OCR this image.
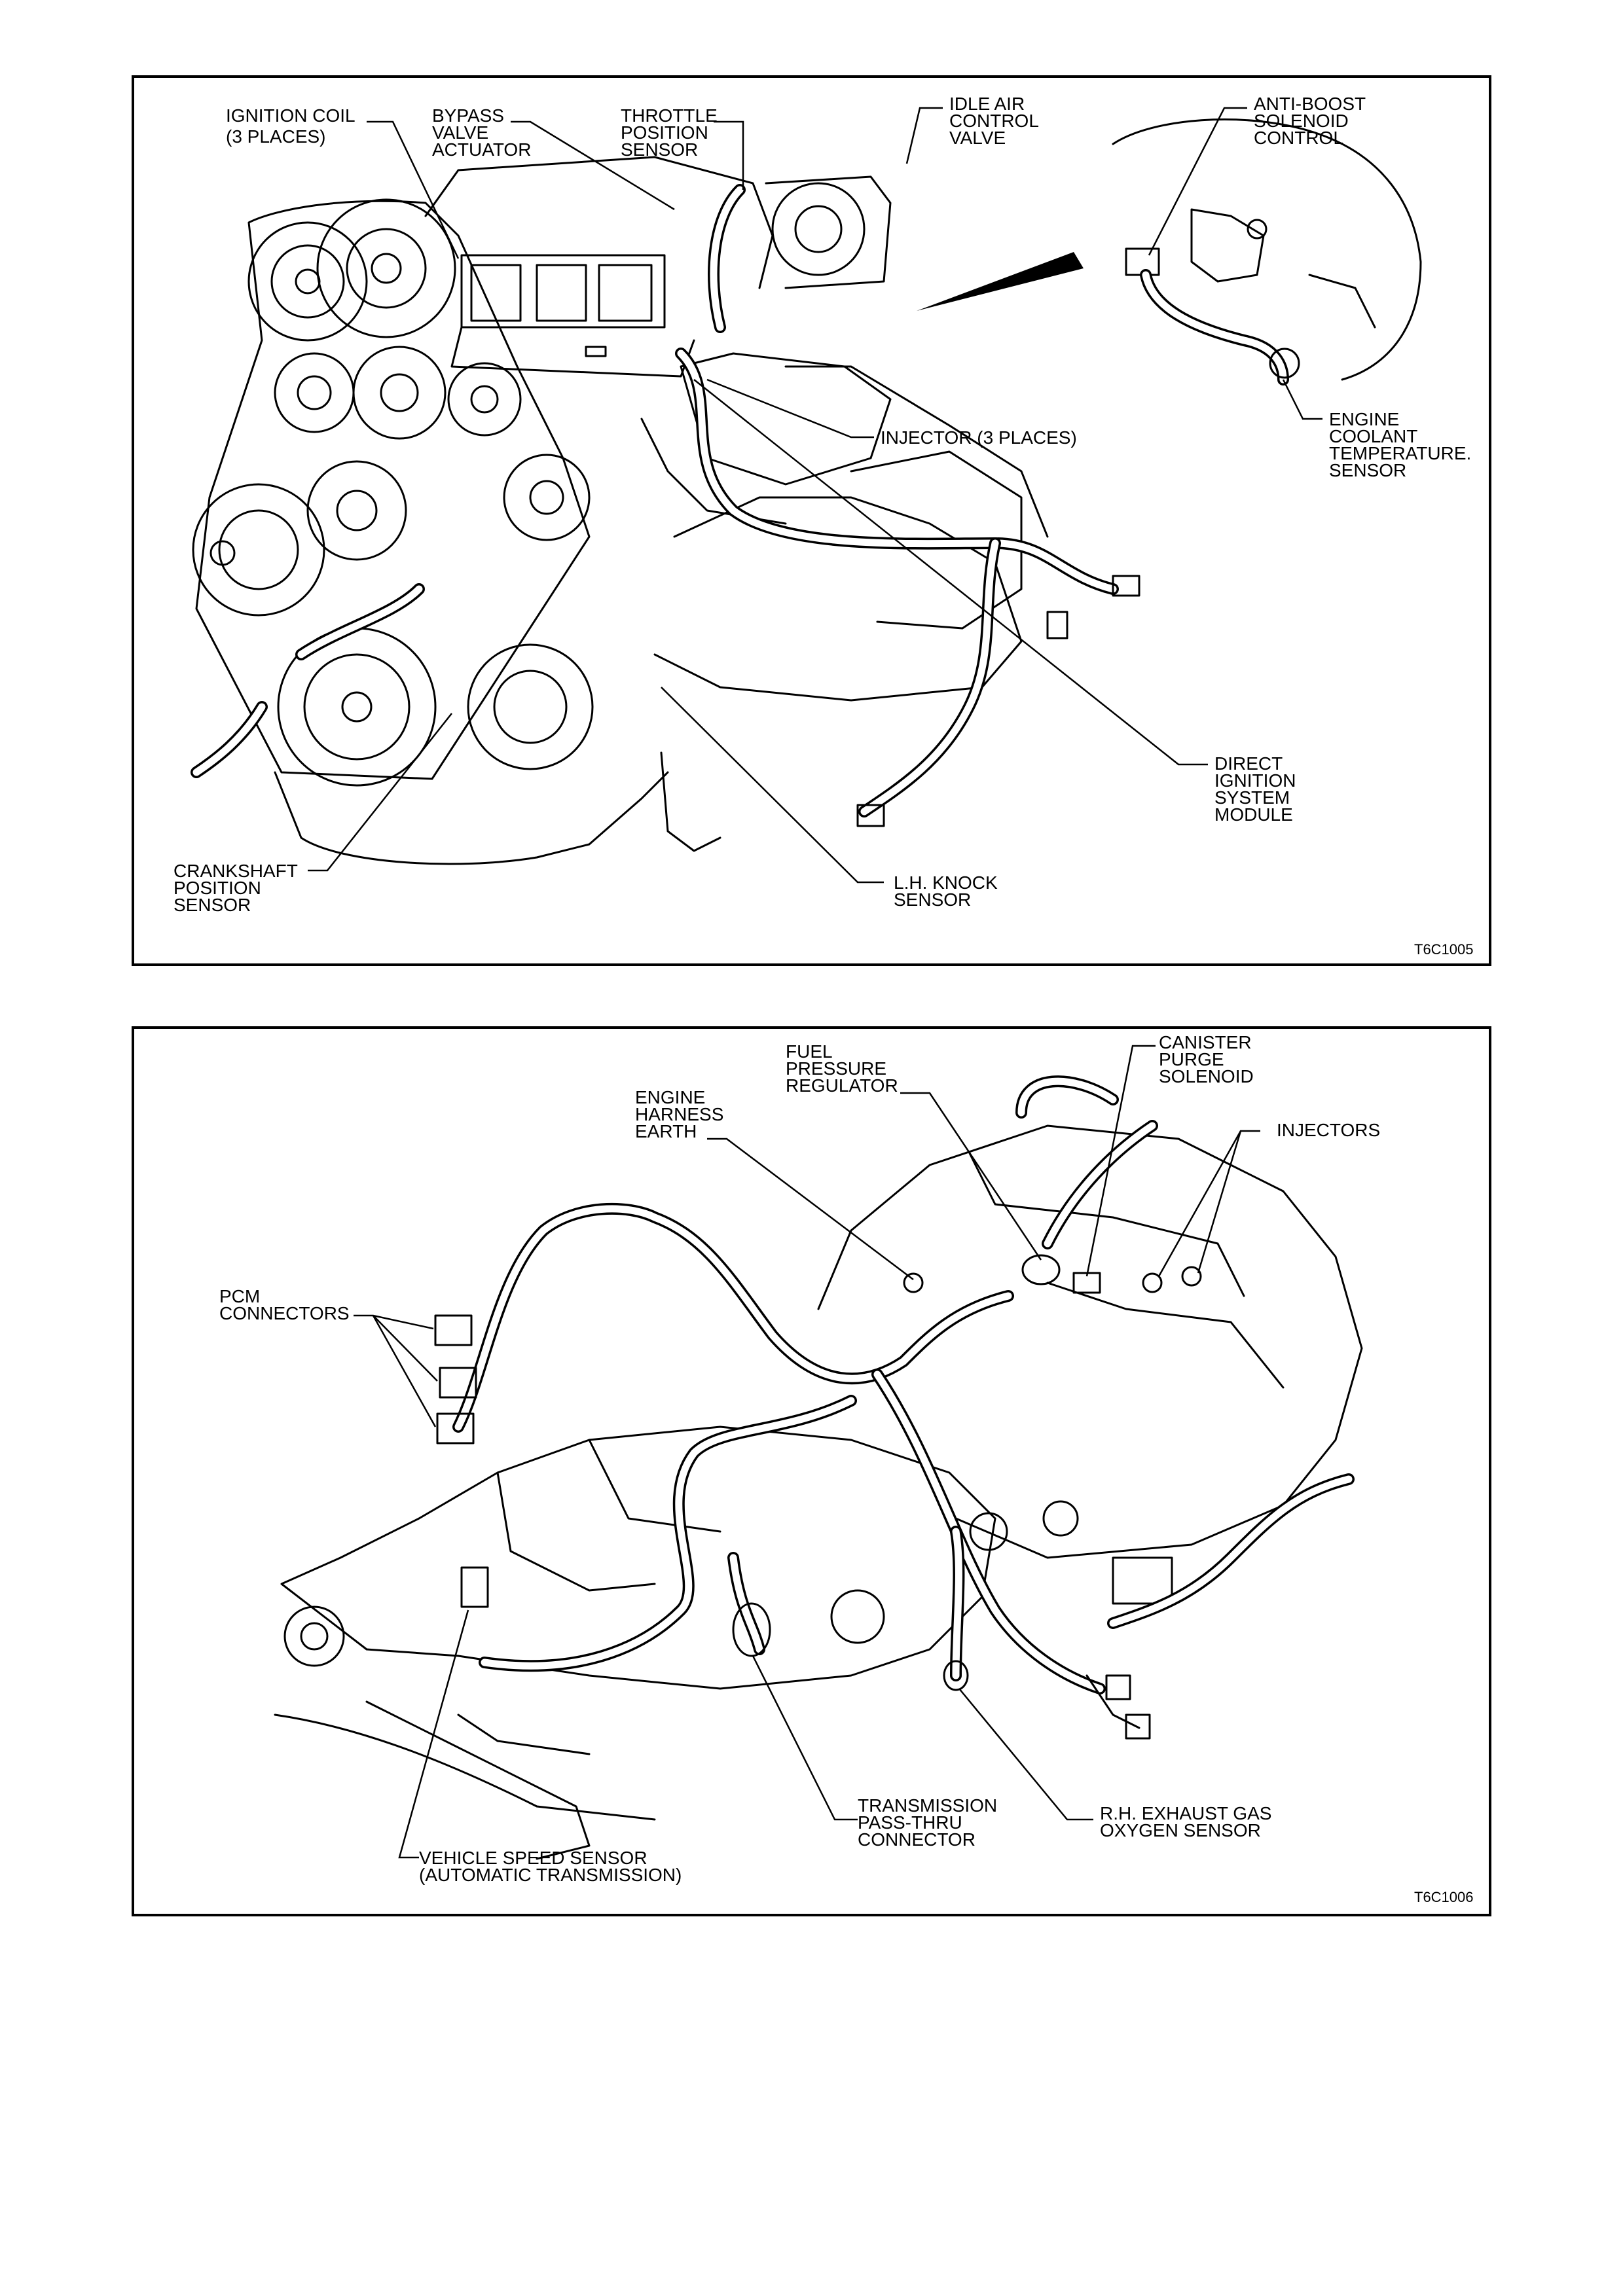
IGNITION COIL (3 PLACES)
BYPASS VALVE ACTUATOR
THROTTLE POSITION SENSOR
IDLE AIR CONTROL VALVE
ANTI-BOOST SOLENOID CONTROL
INJECTOR (3 PLACES)
ENGINE COOLANT TEMPERATURE. SENSOR
DIRECT IGNITION SYSTEM MODULE
CRANKSHAFT POSITION SENSOR
L.H. KNOCK SENSOR
T6C1005
FUEL PRESSURE REGULATOR
CANISTER PURGE SOLENOID
ENGINE HARNESS EARTH	INJECTORS
PCM CONNECTORS
TRANSMISSION PASS-THRU CONNECTOR
R.H. EXHAUST GAS OXYGEN SENSOR
VEHICLE SPEED SENSOR (AUTOMATIC TRANSMISSION)
T6C1006
